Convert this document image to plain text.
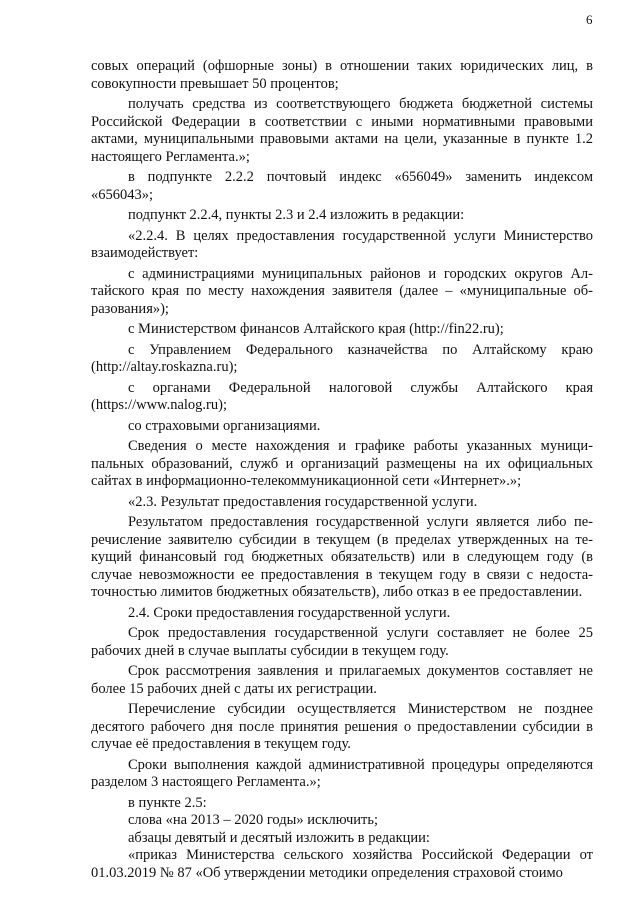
6

совых операций (офшорные зоны) в отношении таких юридических лиц, в совокупности превышает 50 процентов;

получать средства из соответствующего бюджета бюджетной системы Российской Федерации в соответствии с иными нормативными правовыми актами, муниципальными правовыми актами на цели, указанные в пункте 1.2 настоящего Регламента.»;

в подпункте 2.2.2 почтовый индекс «656049» заменить индексом «656043»;

подпункт 2.2.4, пункты 2.3 и 2.4 изложить в редакции:

«2.2.4. В целях предоставления государственной услуги Министерство взаимодействует:

с администрациями муниципальных районов и городских округов Алтайского края по месту нахождения заявителя (далее – «муниципальные образования»);

с Министерством финансов Алтайского края (http://fin22.ru);

с Управлением Федерального казначейства по Алтайскому краю (http://altay.roskazna.ru);

с органами Федеральной налоговой службы Алтайского края (https://www.nalog.ru);

со страховыми организациями.

Сведения о месте нахождения и графике работы указанных муниципальных образований, служб и организаций размещены на их официальных сайтах в информационно-телекоммуникационной сети «Интернет».»;

«2.3. Результат предоставления государственной услуги.

Результатом предоставления государственной услуги является либо перечисление заявителю субсидии в текущем (в пределах утвержденных на текущий финансовый год бюджетных обязательств) или в следующем году (в случае невозможности ее предоставления в текущем году в связи с недостаточностью лимитов бюджетных обязательств), либо отказ в ее предоставлении.

2.4. Сроки предоставления государственной услуги.

Срок предоставления государственной услуги составляет не более 25 рабочих дней в случае выплаты субсидии в текущем году.

Срок рассмотрения заявления и прилагаемых документов составляет не более 15 рабочих дней с даты их регистрации.

Перечисление субсидии осуществляется Министерством не позднее десятого рабочего дня после принятия решения о предоставлении субсидии в случае её предоставления в текущем году.

Сроки выполнения каждой административной процедуры определяются разделом 3 настоящего Регламента.»;

в пункте 2.5:

слова «на 2013 – 2020 годы» исключить;

абзацы девятый и десятый изложить в редакции:

«приказ Министерства сельского хозяйства Российской Федерации от 01.03.2019 № 87 «Об утверждении методики определения страховой стоимо
